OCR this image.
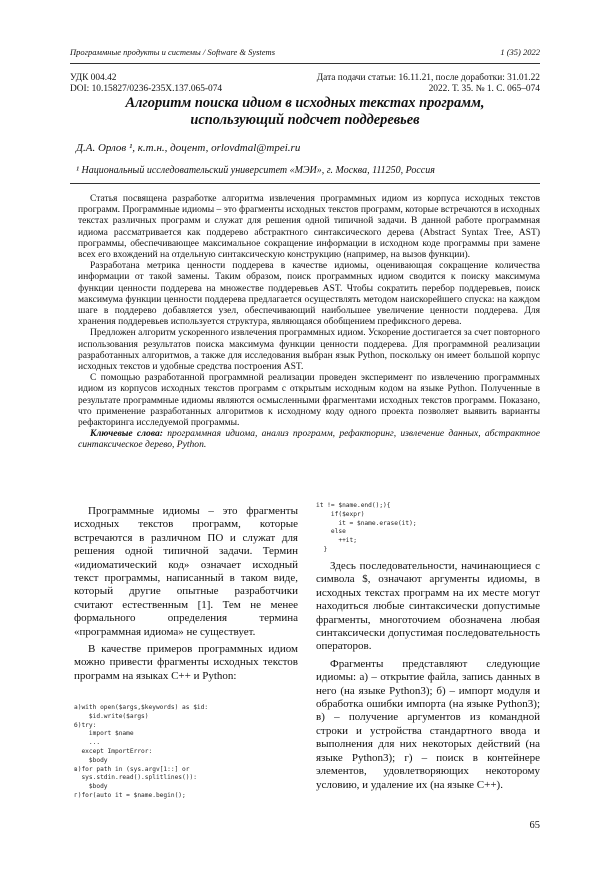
Программные продукты и системы / Software & Systems	1 (35) 2022
УДК 004.42
DOI: 10.15827/0236-235X.137.065-074
Дата подачи статьи: 16.11.21, после доработки: 31.01.22
2022. Т. 35. № 1. С. 065–074
Алгоритм поиска идиом в исходных текстах программ,
использующий подсчет поддеревьев
Д.А. Орлов ¹, к.т.н., доцент, orlovdmal@mpei.ru
¹ Национальный исследовательский университет «МЭИ», г. Москва, 111250, Россия

Статья посвящена разработке алгоритма извлечения программных идиом из корпуса исходных текстов программ. Программные идиомы – это фрагменты исходных текстов программ, которые встречаются в исходных текстах различных программ и служат для решения одной типичной задачи. В данной работе программная идиома рассматривается как поддерево абстрактного синтаксического дерева (Abstract Syntax Tree, AST) программы, обеспечивающее максимальное сокращение информации в исходном коде программы при замене всех его вхождений на отдельную синтаксическую конструкцию (например, на вызов функции).

Разработана метрика ценности поддерева в качестве идиомы, оценивающая сокращение количества информации от такой замены. Таким образом, поиск программных идиом сводится к поиску максимума функции ценности поддерева на множестве поддеревьев AST. Чтобы сократить перебор поддеревьев, поиск максимума функции ценности поддерева предлагается осуществлять методом наискорейшего спуска: на каждом шаге в поддерево добавляется узел, обеспечивающий наибольшее увеличение ценности поддерева. Для хранения поддеревьев используется структура, являющаяся обобщением префиксного дерева.

Предложен алгоритм ускоренного извлечения программных идиом. Ускорение достигается за счет повторного использования результатов поиска максимума функции ценности поддерева. Для программной реализации разработанных алгоритмов, а также для исследования выбран язык Python, поскольку он имеет большой корпус исходных текстов и удобные средства построения AST.

С помощью разработанной программной реализации проведен эксперимент по извлечению программных идиом из корпусов исходных текстов программ с открытым исходным кодом на языке Python. Полученные в результате программные идиомы являются осмысленными фрагментами исходных текстов программ. Показано, что применение разработанных алгоритмов к исходному коду одного проекта позволяет выявить варианты рефакторинга исследуемой программы.

Ключевые слова: программная идиома, анализ программ, рефакторинг, извлечение данных, абстрактное синтаксическое дерево, Python.

Программные идиомы – это фрагменты исходных текстов программ, которые встречаются в различном ПО и служат для решения одной типичной задачи. Термин «идиоматический код» означает исходный текст программы, написанный в таком виде, который другие опытные разработчики считают естественным [1]. Тем не менее формального определения термина «программная идиома» не существует.

В качестве примеров программных идиом можно привести фрагменты исходных текстов программ на языках C++ и Python:

а)with open($args,$keywords) as $id:
$id.write($args)
б)try:
import $name
...
except ImportError:
$body
в)for path in (sys.argv[1::] or
sys.stdin.read().splitlines()):
$body
г)for(auto it = $name.begin();
it != $name.end();){
if($expr)
it = $name.erase(it);
else
++it;
}

Здесь последовательности, начинающиеся с символа $, означают аргументы идиомы, в исходных текстах программ на их месте могут находиться любые синтаксически допустимые фрагменты, многоточием обозначена любая синтаксически допустимая последовательность операторов.

Фрагменты представляют следующие идиомы: а) – открытие файла, запись данных в него (на языке Python3); б) – импорт модуля и обработка ошибки импорта (на языке Python3); в) – получение аргументов из командной строки и устройства стандартного ввода и выполнения для них некоторых действий (на языке Python3); г) – поиск в контейнере элементов, удовлетворяющих некоторому условию, и удаление их (на языке C++).

65
